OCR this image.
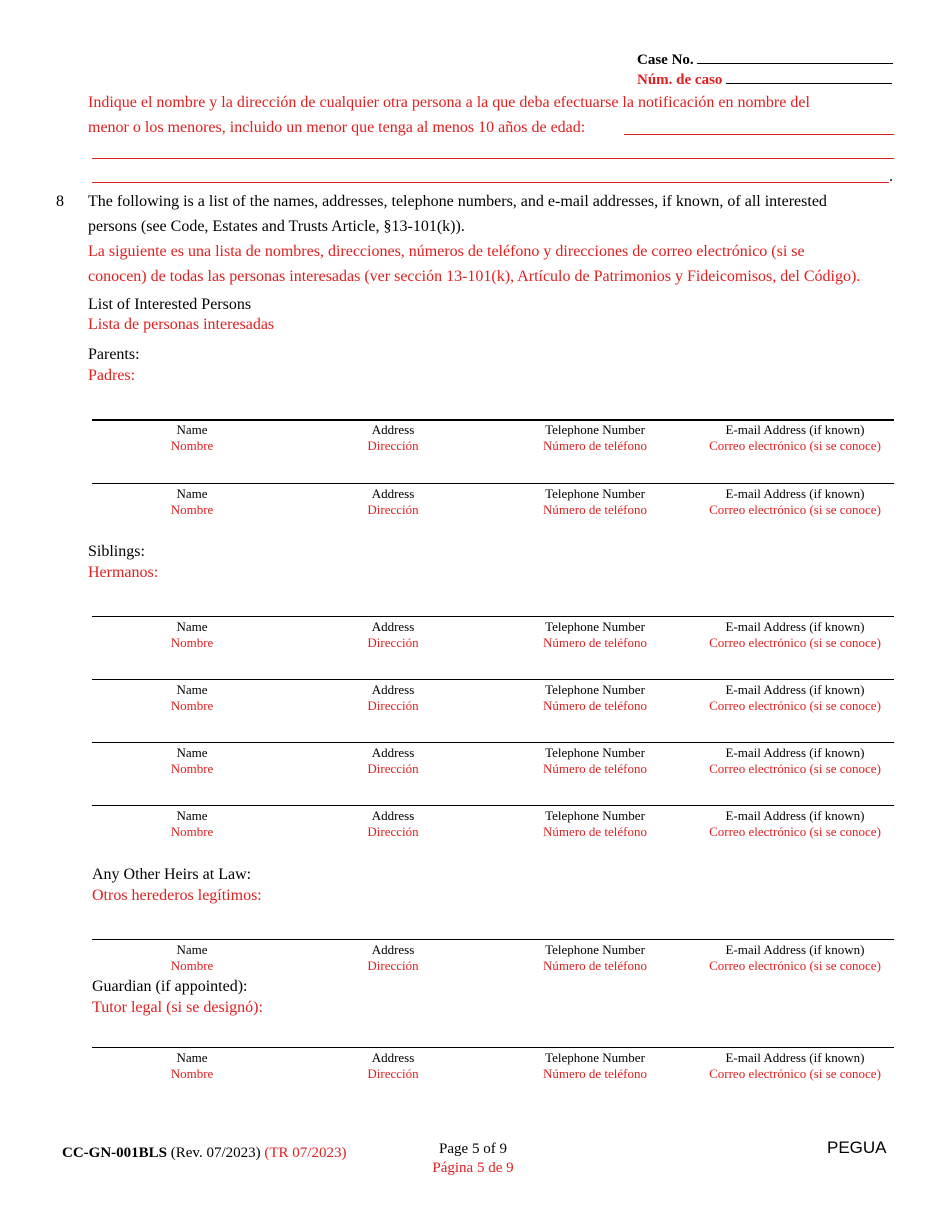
Case No.
Núm. de caso
Indique el nombre y la dirección de cualquier otra persona a la que deba efectuarse la notificación en nombre del
menor o los menores, incluido un menor que tenga al menos 10 años de edad:
.
8 The following is a list of the names, addresses, telephone numbers, and e-mail addresses, if known, of all interested
persons (see Code, Estates and Trusts Article, §13-101(k)).
La siguiente es una lista de nombres, direcciones, números de teléfono y direcciones de correo electrónico (si se
conocen) de todas las personas interesadas (ver sección 13-101(k), Artículo de Patrimonios y Fideicomisos, del Código).
List of Interested Persons
Lista de personas interesadas
Parents:
Padres:
Name
Nombre
Address
Dirección
Telephone Number
Número de teléfono
E-mail Address (if known)
Correo electrónico (si se conoce)
Name
Nombre
Address
Dirección
Telephone Number
Número de teléfono
E-mail Address (if known)
Correo electrónico (si se conoce)
Name
Nombre
Address
Dirección
Telephone Number
Número de teléfono
E-mail Address (if known)
Correo electrónico (si se conoce)
Name
Nombre
Address
Dirección
Telephone Number
Número de teléfono
E-mail Address (if known)
Correo electrónico (si se conoce)
Name
Nombre
Address
Dirección
Telephone Number
Número de teléfono
E-mail Address (if known)
Correo electrónico (si se conoce)
Name
Nombre
Address
Dirección
Telephone Number
Número de teléfono
E-mail Address (if known)
Correo electrónico (si se conoce)
Name
Nombre
Address
Dirección
Telephone Number
Número de teléfono
E-mail Address (if known)
Correo electrónico (si se conoce)
Name
Nombre
Address
Dirección
Telephone Number
Número de teléfono
E-mail Address (if known)
Correo electrónico (si se conoce)
Siblings:
Hermanos:
Any Other Heirs at Law:
Otros herederos legítimos:
Guardian (if appointed):
Tutor legal (si se designó):
CC-GN-001BLS (Rev. 07/2023) (TR 07/2023)	Page 5 of 9
Página 5 de 9
PEGUA
